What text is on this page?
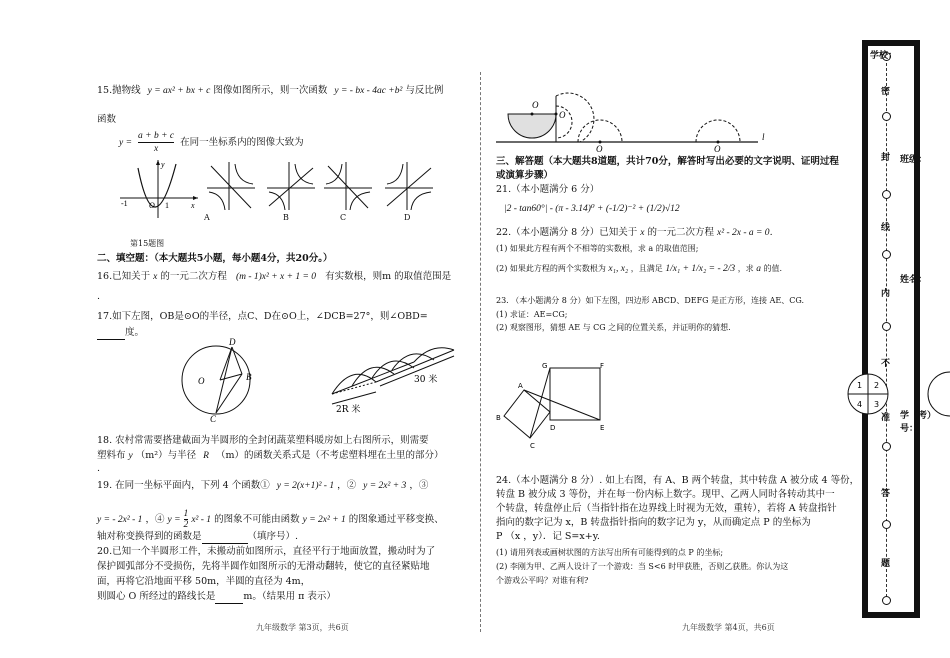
15.抛物线 y = ax² + bx + c 图像如图所示，则一次函数 y = - bx - 4ac +b² 与反比例
函数
$y = \frac{a + b + c}{x}$ 在同一坐标系内的图像大致为
y
x
O
-1	1
A	B	C	D
第15题图
二、填空题：（本大题共5小题，每小题4分，共20分。）
16.已知关于 x 的一元二次方程 (m - 1)x² + x + 1 = 0 有实数根，则m 的取值范围是
.
17.如下左图，OB是⊙O的半径，点C、D在⊙O上，∠DCB=27°，则∠OBD=
度。
D
O	B
C
30 米
2R 米
18. 农村常需要搭建截面为半圆形的全封闭蔬菜塑料暖房如上右图所示，则需要
塑料布 y （m²）与半径 R （m）的函数关系式是（不考虑塑料埋在土里的部分）
.
19. 在同一坐标平面内，下列 4 个函数① y = 2(x+1)² - 1 ，② y = 2x² + 3 ，③
y = - 2x² - 1 ，④ $y = \frac{1}{2} x^2 - 1$ 的图象不可能由函数 y = 2x² + 1 的图象通过平移变换、
轴对称变换得到的函数是	（填序号）.
20.已知一个半圆形工件，未搬动前如图所示，直径平行于地面放置，搬动时为了
保护圆弧部分不受损伤，先将半圆作如图所示的无滑动翻转，使它的直径紧贴地
面，再将它沿地面平移 50m，半圆的直径为 4m，
则圆心 O 所经过的路线长是	m。（结果用 π 表示）
九年级数学 第3页，共6页
O
O
O	O
l
三、解答题（本大题共8道题，共计70分，解答时写出必要的文字说明、证明过程
或演算步骤）
21.（本小题满分 6 分）
|2 - tan60°| - (π - 3.14)⁰ + (-1/2)⁻² + (1/2)√12
22.（本小题满分 8 分）已知关于 x 的一元二次方程 x² - 2x - a = 0.
(1) 如果此方程有两个不相等的实数根，求 a 的取值范围;
(2) 如果此方程的两个实数根为 x₁, x₂ ，且满足 1/x₁ + 1/x₂ = - 2/3 ，求 a 的值.
23. （本小题满分 8 分）如下左图，四边形 ABCD、DEFG 是正方形，连接 AE、CG.
(1) 求证：AE=CG;
(2) 观察图形，猜想 AE 与 CG 之间的位置关系，并证明你的猜想.
G	F
A
B
D	E
C
24.（本小题满分 8 分）. 如上右图，有 A、B 两个转盘，其中转盘 A 被分成 4 等份，
转盘 B 被分成 3 等份，并在每一份内标上数字。现甲、乙两人同时各转动其中一
个转盘，转盘停止后（当指针指在边界线上时视为无效，重转），若将 A 转盘指针
指向的数字记为 x，B 转盘指针指向的数字记为 y，从而确定点 P 的坐标为
P （x ，y）．记 S=x+y.
(1) 请用列表或画树状图的方法写出所有可能得到的点 P 的坐标;
(2) 李刚为甲、乙两人设计了一个游戏：当 S<6 时甲获胜，否则乙获胜。你认为这
个游戏公平吗？对谁有利?
九年级数学 第4页，共6页
学校：
班级：
姓名：
学（考）号：
密
封
线
内
不
准
答
题
1 2
4 3
